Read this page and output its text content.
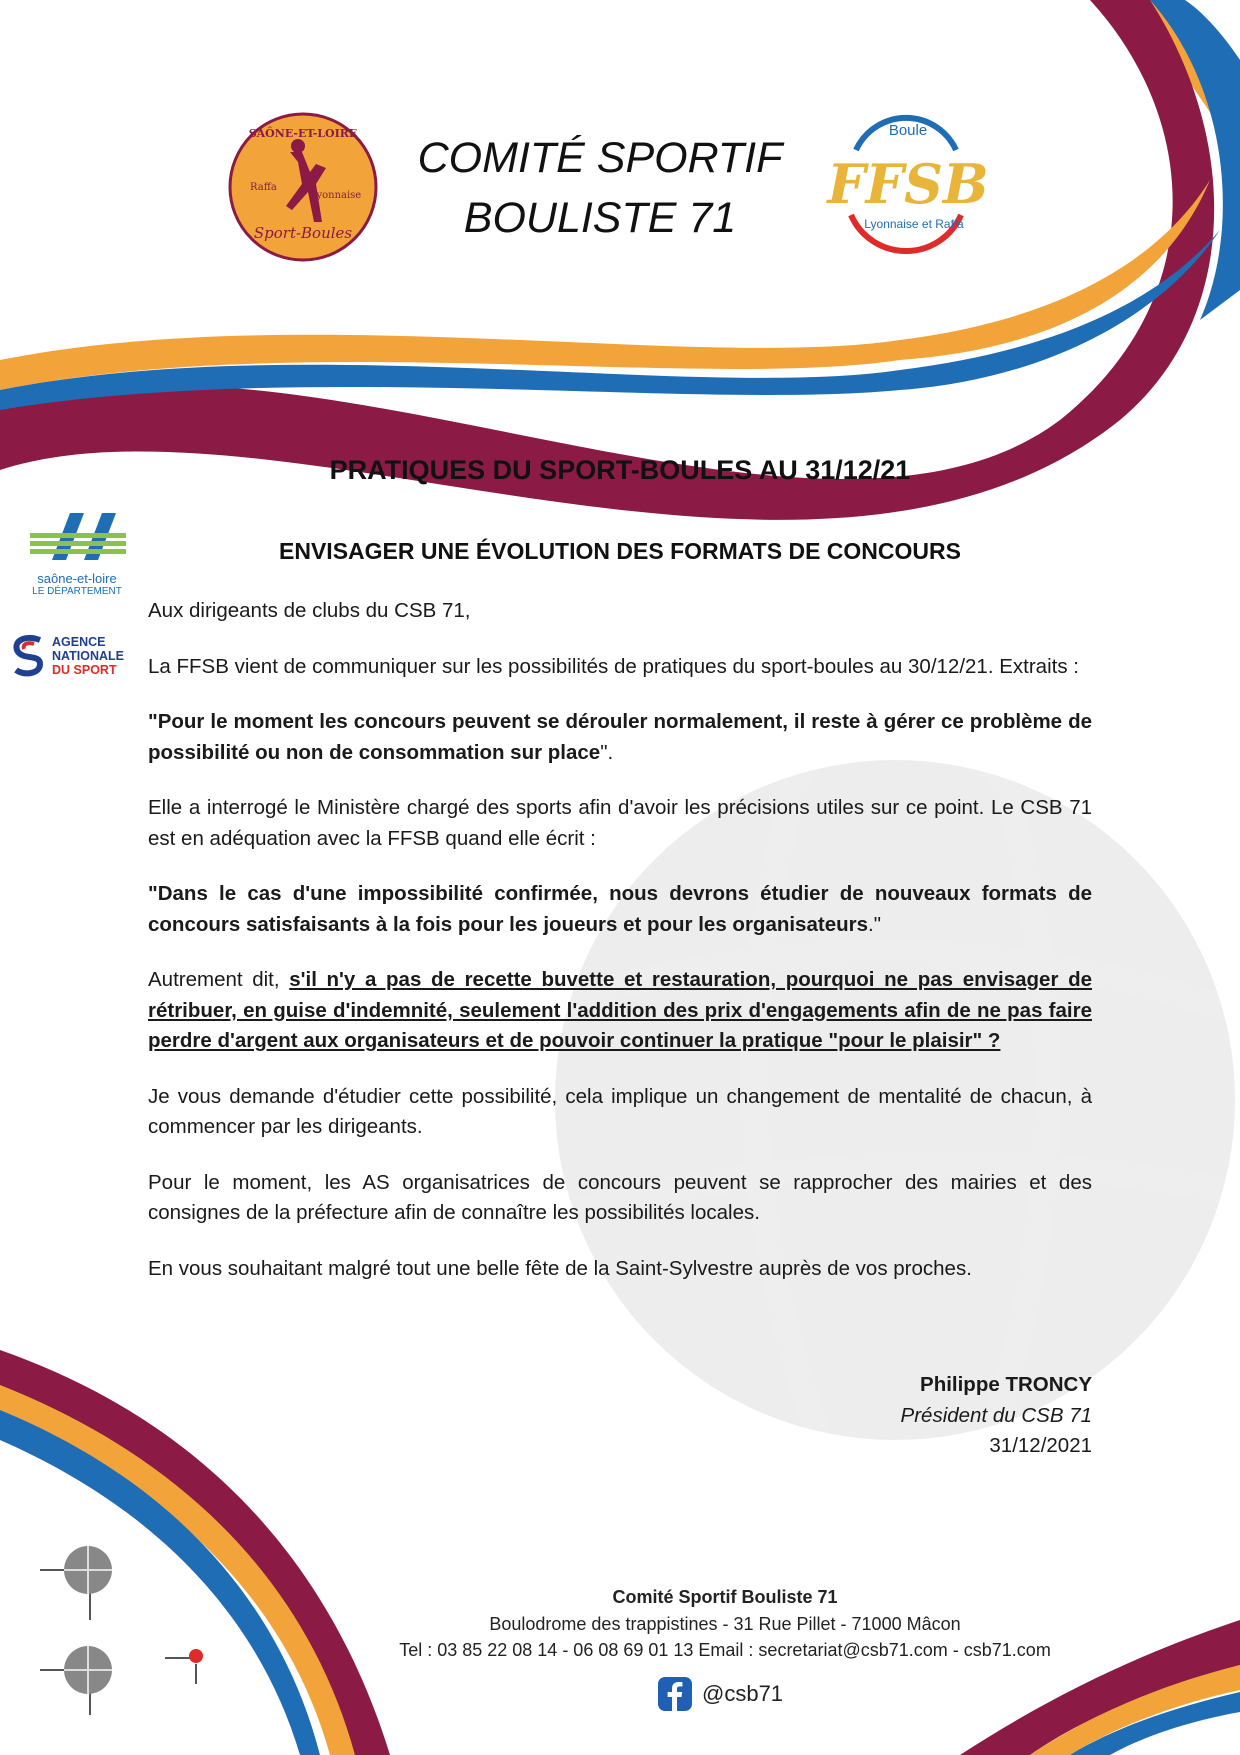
SAÔNE-ET-LOIRE
Raffa
Lyonnaise
Sport-Boules
COMITÉ SPORTIF
BOULISTE 71
Boule
FFSB
Lyonnaise et Raffa
saône-et-loire
LE DÉPARTEMENT
AGENCE
NATIONALE
DU SPORT
PRATIQUES DU SPORT-BOULES AU 31/12/21
ENVISAGER UNE ÉVOLUTION DES FORMATS DE CONCOURS

Aux dirigeants de clubs du CSB 71,

La FFSB vient de communiquer sur les possibilités de pratiques du sport-boules au 30/12/21. Extraits :

"Pour le moment les concours peuvent se dérouler normalement, il reste à gérer ce problème de possibilité ou non de consommation sur place".

Elle a interrogé le Ministère chargé des sports afin d'avoir les précisions utiles sur ce point. Le CSB 71 est en adéquation avec la FFSB quand elle écrit :

"Dans le cas d'une impossibilité confirmée, nous devrons étudier de nouveaux formats de concours satisfaisants à la fois pour les joueurs et pour les organisateurs."

Autrement dit, s'il n'y a pas de recette buvette et restauration, pourquoi ne pas envisager de rétribuer, en guise d'indemnité, seulement l'addition des prix d'engagements afin de ne pas faire perdre d'argent aux organisateurs et de pouvoir continuer la pratique "pour le plaisir" ?

Je vous demande d'étudier cette possibilité, cela implique un changement de mentalité de chacun, à commencer par les dirigeants.

Pour le moment, les AS organisatrices de concours peuvent se rapprocher des mairies et des consignes de la préfecture afin de connaître les possibilités locales.

En vous souhaitant malgré tout une belle fête de la Saint-Sylvestre auprès de vos proches.

Philippe TRONCY
Président du CSB 71
31/12/2021
Comité Sportif Bouliste 71
Boulodrome des trappistines - 31 Rue Pillet - 71000 Mâcon
Tel : 03 85 22 08 14 - 06 08 69 01 13 Email : secretariat@csb71.com - csb71.com
@csb71
